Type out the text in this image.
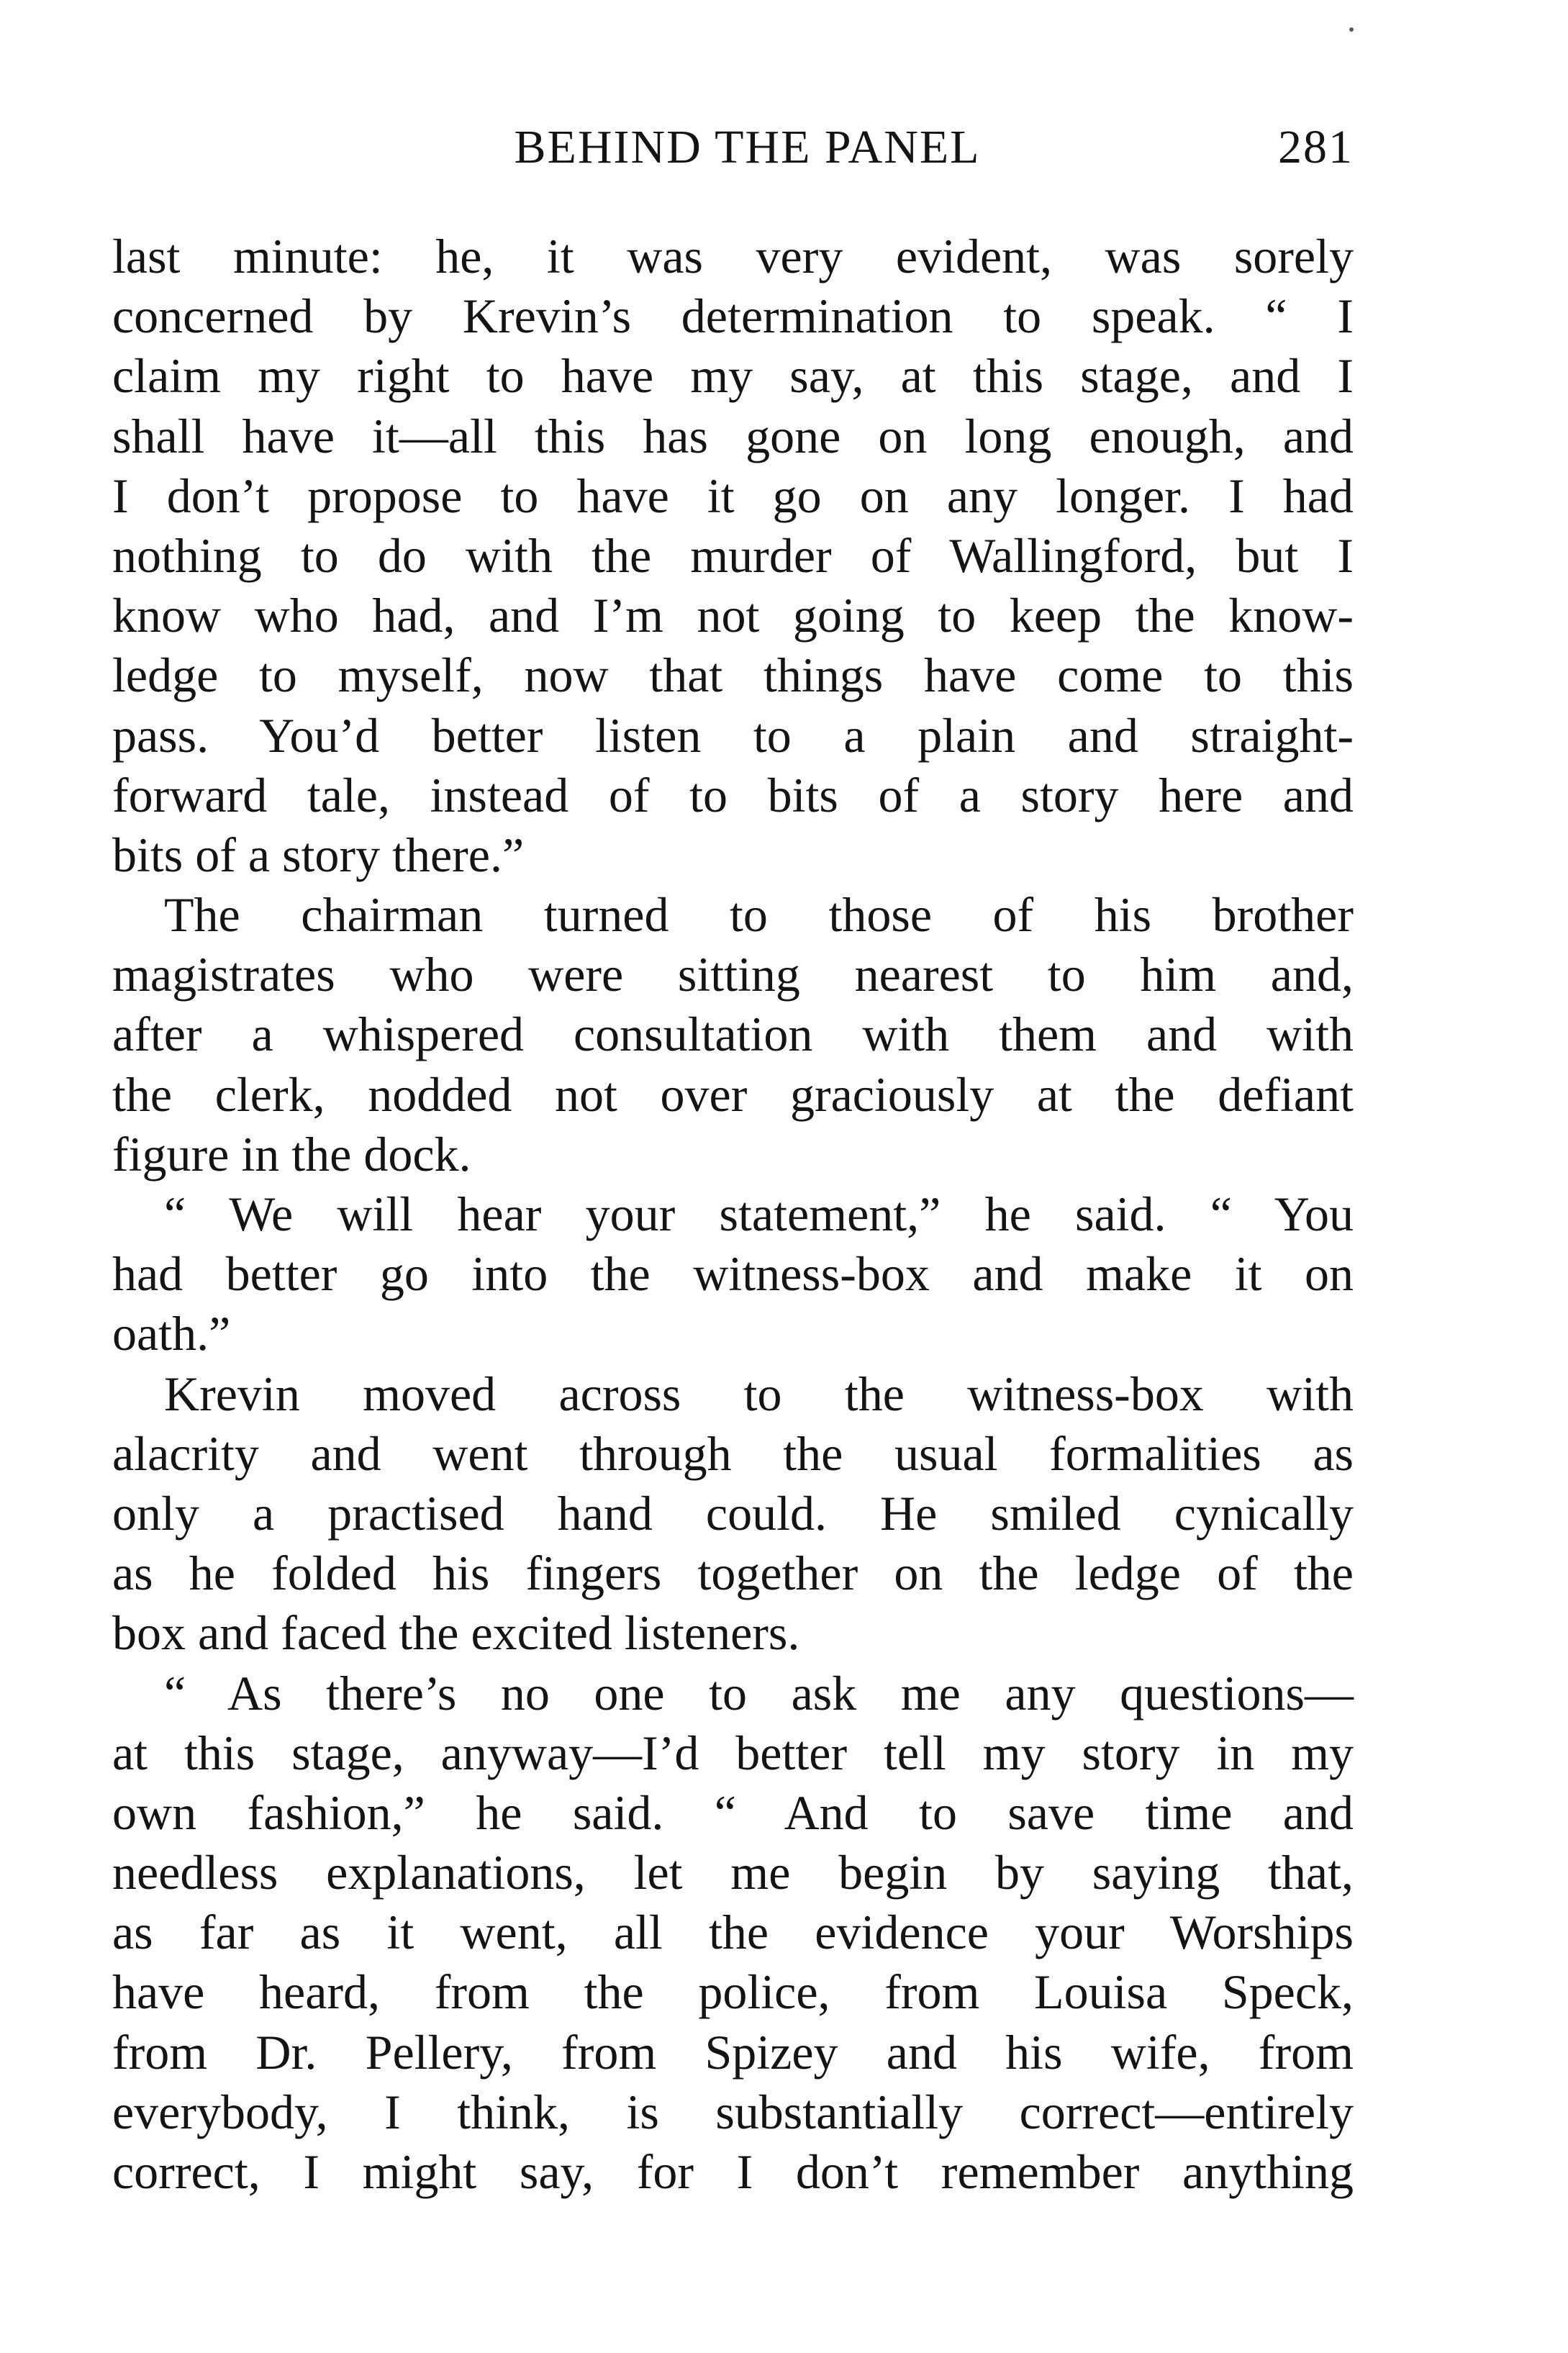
BEHIND THE PANEL	281

last minute: he, it was very evident, was sorely
concerned by Krevin’s determination to speak. “ I
claim my right to have my say, at this stage, and I
shall have it—all this has gone on long enough, and
I don’t propose to have it go on any longer. I had
nothing to do with the murder of Wallingford, but I
know who had, and I’m not going to keep the know-
ledge to myself, now that things have come to this
pass. You’d better listen to a plain and straight-
forward tale, instead of to bits of a story here and
bits of a story there.”

The chairman turned to those of his brother
magistrates who were sitting nearest to him and,
after a whispered consultation with them and with
the clerk, nodded not over graciously at the defiant
figure in the dock.

“ We will hear your statement,” he said. “ You
had better go into the witness-box and make it on
oath.”

Krevin moved across to the witness-box with
alacrity and went through the usual formalities as
only a practised hand could. He smiled cynically
as he folded his fingers together on the ledge of the
box and faced the excited listeners.

“ As there’s no one to ask me any questions—
at this stage, anyway—I’d better tell my story in my
own fashion,” he said. “ And to save time and
needless explanations, let me begin by saying that,
as far as it went, all the evidence your Worships
have heard, from the police, from Louisa Speck,
from Dr. Pellery, from Spizey and his wife, from
everybody, I think, is substantially correct—entirely
correct, I might say, for I don’t remember anything
